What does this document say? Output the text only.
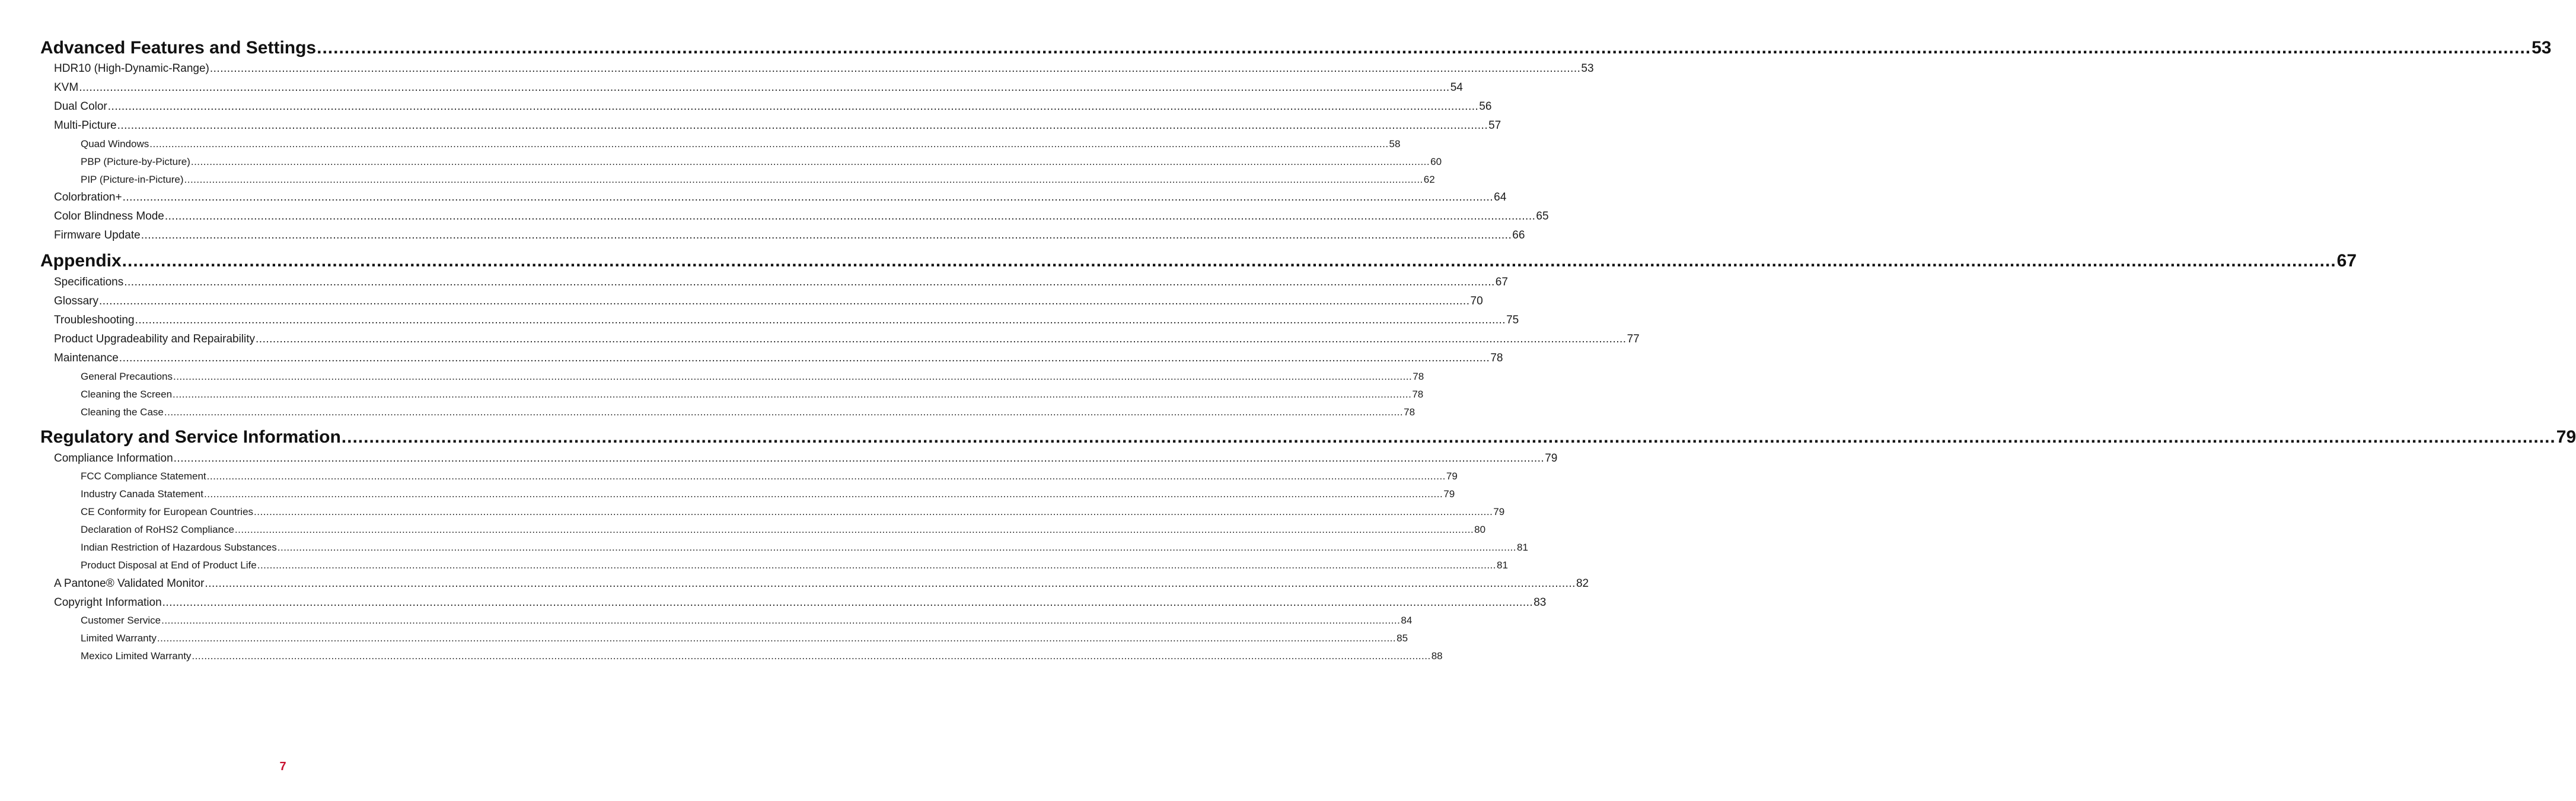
Advanced Features and Settings ................................................................................................................................................................................................................................................................................................................................................................................................................ 53
HDR10 (High-Dynamic-Range) ................................................................................................................................................................................................................................................................................................................................................................................................................ 53
KVM ................................................................................................................................................................................................................................................................................................................................................................................................................ 54
Dual Color ................................................................................................................................................................................................................................................................................................................................................................................................................ 56
Multi-Picture ................................................................................................................................................................................................................................................................................................................................................................................................................ 57
Quad Windows ................................................................................................................................................................................................................................................................................................................................................................................................................ 58
PBP (Picture-by-Picture) ................................................................................................................................................................................................................................................................................................................................................................................................................ 60
PIP (Picture-in-Picture) ................................................................................................................................................................................................................................................................................................................................................................................................................ 62
Colorbration+ ................................................................................................................................................................................................................................................................................................................................................................................................................ 64
Color Blindness Mode ................................................................................................................................................................................................................................................................................................................................................................................................................ 65
Firmware Update ................................................................................................................................................................................................................................................................................................................................................................................................................ 66
Appendix ................................................................................................................................................................................................................................................................................................................................................................................................................ 67
Specifications ................................................................................................................................................................................................................................................................................................................................................................................................................ 67
Glossary ................................................................................................................................................................................................................................................................................................................................................................................................................ 70
Troubleshooting ................................................................................................................................................................................................................................................................................................................................................................................................................ 75
Product Upgradeability and Repairability ................................................................................................................................................................................................................................................................................................................................................................................................................ 77
Maintenance ................................................................................................................................................................................................................................................................................................................................................................................................................ 78
General Precautions ................................................................................................................................................................................................................................................................................................................................................................................................................ 78
Cleaning the Screen ................................................................................................................................................................................................................................................................................................................................................................................................................ 78
Cleaning the Case ................................................................................................................................................................................................................................................................................................................................................................................................................ 78
Regulatory and Service Information ................................................................................................................................................................................................................................................................................................................................................................................................................ 79
Compliance Information ................................................................................................................................................................................................................................................................................................................................................................................................................ 79
FCC Compliance Statement ................................................................................................................................................................................................................................................................................................................................................................................................................ 79
Industry Canada Statement ................................................................................................................................................................................................................................................................................................................................................................................................................ 79
CE Conformity for European Countries ................................................................................................................................................................................................................................................................................................................................................................................................................ 79
Declaration of RoHS2 Compliance ................................................................................................................................................................................................................................................................................................................................................................................................................ 80
Indian Restriction of Hazardous Substances ................................................................................................................................................................................................................................................................................................................................................................................................................ 81
Product Disposal at End of Product Life ................................................................................................................................................................................................................................................................................................................................................................................................................ 81
A Pantone® Validated Monitor ................................................................................................................................................................................................................................................................................................................................................................................................................ 82
Copyright Information ................................................................................................................................................................................................................................................................................................................................................................................................................ 83
Customer Service ................................................................................................................................................................................................................................................................................................................................................................................................................ 84
Limited Warranty ................................................................................................................................................................................................................................................................................................................................................................................................................ 85
Mexico Limited Warranty ................................................................................................................................................................................................................................................................................................................................................................................................................ 88
7
